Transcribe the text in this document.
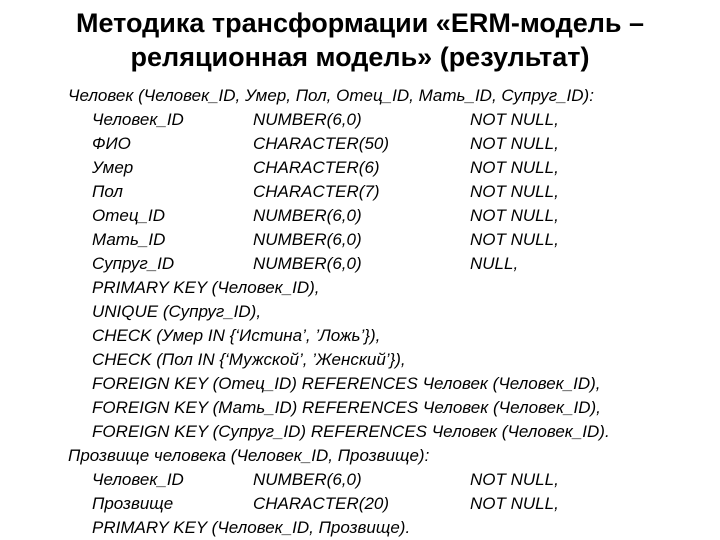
Методика трансформации «ERM-модель –
реляционная модель» (результат)
Человек (Человек_ID, Умер, Пол, Отец_ID, Мать_ID, Супруг_ID):
Человек_ID	NUMBER(6,0)	NOT NULL,
ФИО	CHARACTER(50)	NOT NULL,
Умер	CHARACTER(6)	NOT NULL,
Пол	CHARACTER(7)	NOT NULL,
Отец_ID	NUMBER(6,0)	NOT NULL,
Мать_ID	NUMBER(6,0)	NOT NULL,
Супруг_ID	NUMBER(6,0)	NULL,
PRIMARY KEY (Человек_ID),
UNIQUE (Супруг_ID),
CHECK (Умер IN {‘Истина’, ’Ложь’}),
CHECK (Пол IN {‘Мужской’, ’Женский’}),
FOREIGN KEY (Отец_ID) REFERENCES Человек (Человек_ID),
FOREIGN KEY (Мать_ID) REFERENCES Человек (Человек_ID),
FOREIGN KEY (Супруг_ID) REFERENCES Человек (Человек_ID).
Прозвище человека (Человек_ID, Прозвище):
Человек_ID	NUMBER(6,0)	NOT NULL,
Прозвище	CHARACTER(20)	NOT NULL,
PRIMARY KEY (Человек_ID, Прозвище).
